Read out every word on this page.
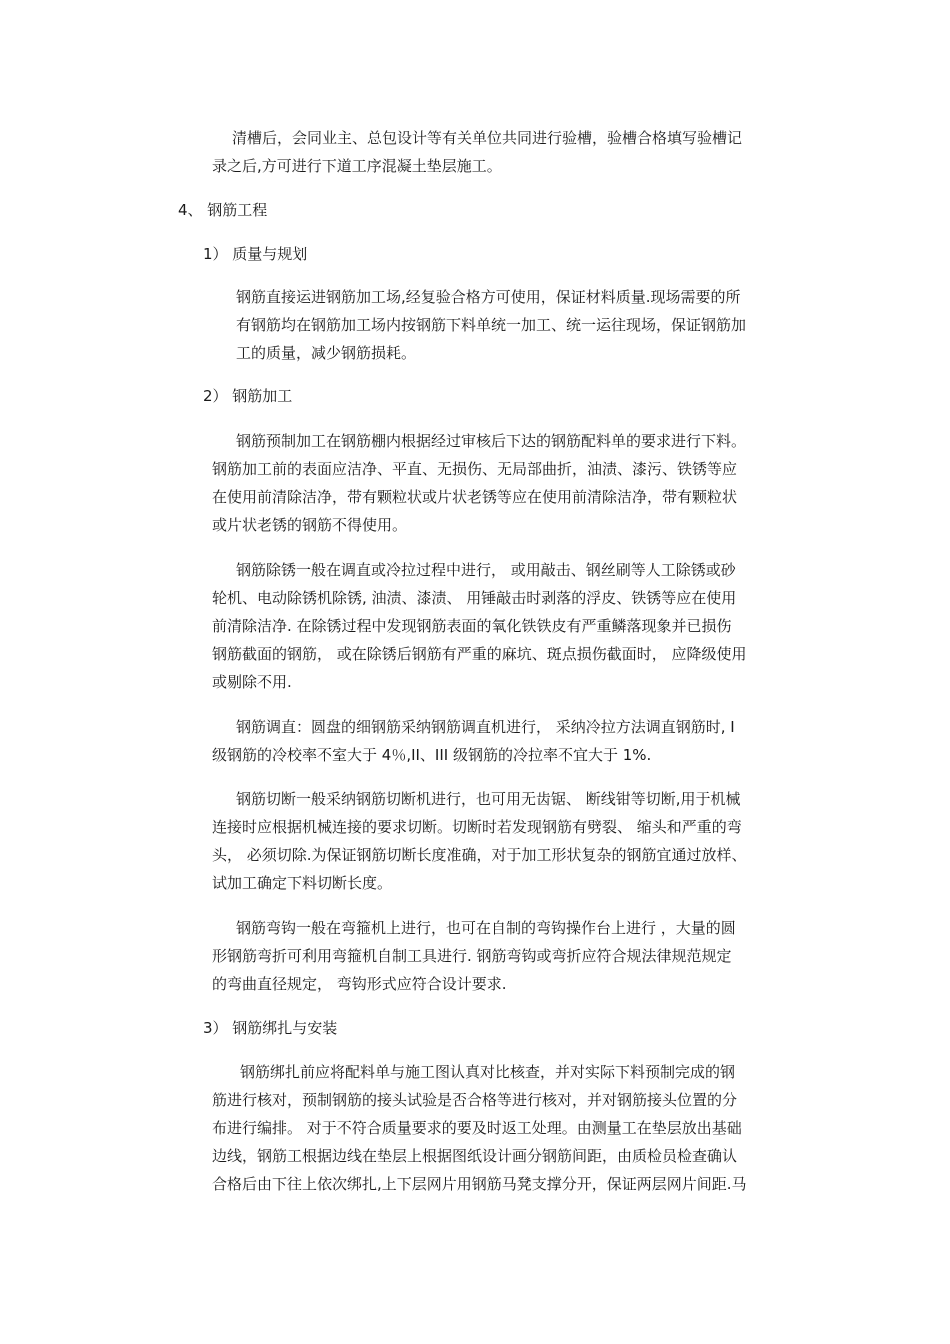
清槽后，会同业主、总包设计等有关单位共同进行验槽，验槽合格填写验槽记
录之后,方可进行下道工序混凝土垫层施工。
4、 钢筋工程
1） 质量与规划
钢筋直接运进钢筋加工场,经复验合格方可使用，保证材料质量.现场需要的所
有钢筋均在钢筋加工场内按钢筋下料单统一加工、统一运往现场，保证钢筋加
工的质量，减少钢筋损耗。
2） 钢筋加工
钢筋预制加工在钢筋棚内根据经过审核后下达的钢筋配料单的要求进行下料。
钢筋加工前的表面应洁净、平直、无损伤、无局部曲折，油渍、漆污、铁锈等应
在使用前清除洁净，带有颗粒状或片状老锈等应在使用前清除洁净，带有颗粒状
或片状老锈的钢筋不得使用。
钢筋除锈一般在调直或冷拉过程中进行， 或用敲击、钢丝刷等人工除锈或砂
轮机、电动除锈机除锈, 油渍、漆渍、 用锤敲击时剥落的浮皮、铁锈等应在使用
前清除洁净. 在除锈过程中发现钢筋表面的氧化铁铁皮有严重鳞落现象并已损伤
钢筋截面的钢筋， 或在除锈后钢筋有严重的麻坑、斑点损伤截面时， 应降级使用
或剔除不用.
钢筋调直：圆盘的细钢筋采纳钢筋调直机进行， 采纳冷拉方法调直钢筋时, I
级钢筋的冷校率不室大于 4％,II、III 级钢筋的冷拉率不宜大于 1%.
钢筋切断一般采纳钢筋切断机进行，也可用无齿锯、 断线钳等切断,用于机械
连接时应根据机械连接的要求切断。切断时若发现钢筋有劈裂、 缩头和严重的弯
头， 必须切除.为保证钢筋切断长度准确，对于加工形状复杂的钢筋宜通过放样、
试加工确定下料切断长度。
钢筋弯钩一般在弯箍机上进行，也可在自制的弯钩操作台上进行 ，大量的圆
形钢筋弯折可利用弯箍机自制工具进行. 钢筋弯钩或弯折应符合规法律规范规定
的弯曲直径规定， 弯钩形式应符合设计要求.
3） 钢筋绑扎与安装
钢筋绑扎前应将配料单与施工图认真对比核查，并对实际下料预制完成的钢
筋进行核对，预制钢筋的接头试验是否合格等进行核对，并对钢筋接头位置的分
布进行编排。 对于不符合质量要求的要及时返工处理。由测量工在垫层放出基础
边线，钢筋工根据边线在垫层上根据图纸设计画分钢筋间距，由质检员检查确认
合格后由下往上依次绑扎,上下层网片用钢筋马凳支撑分开，保证两层网片间距.马
